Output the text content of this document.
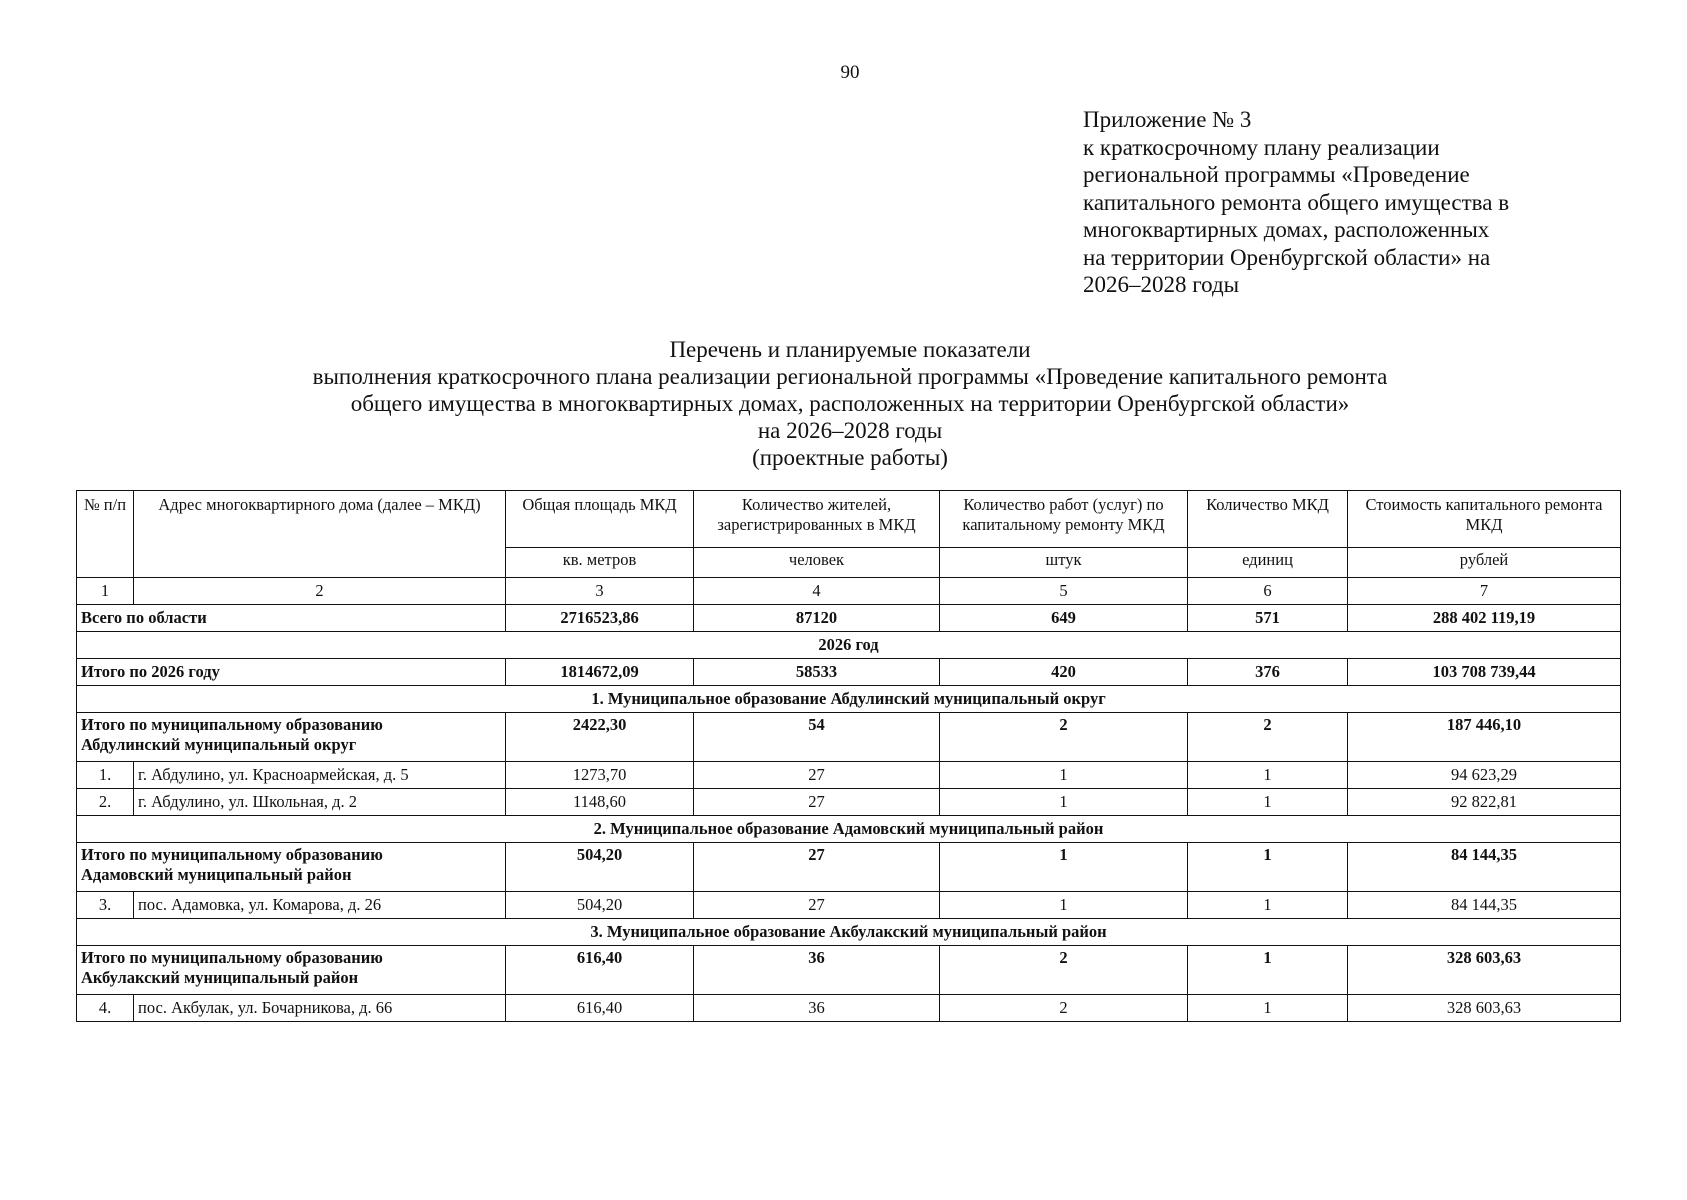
90
Приложение № 3
к краткосрочному плану реализации
региональной программы «Проведение
капитального ремонта общего имущества в
многоквартирных домах, расположенных
на территории Оренбургской области» на
2026–2028 годы
Перечень и планируемые показатели
выполнения краткосрочного плана реализации региональной программы «Проведение капитального ремонта
общего имущества в многоквартирных домах, расположенных на территории Оренбургской области»
на 2026–2028 годы
(проектные работы)
№ п/п	Адрес многоквартирного дома (далее – МКД)	Общая площадь МКД	Количество жителей, зарегистрированных в МКД	Количество работ (услуг) по капитальному ремонту МКД	Количество МКД	Стоимость капитального ремонта МКД
		кв. метров	человек	штук	единиц	рублей
1	2	3	4	5	6	7
Всего по области		2716523,86	87120	649	571	288 402 119,19
2026 год						
Итого по 2026 году		1814672,09	58533	420	376	103 708 739,44
1. Муниципальное образование Абдулинский муниципальный округ						

Итого по муниципальному образованию
Абдулинский муниципальный округ		2422,30	54	2	2	187 446,10
1.	г. Абдулино, ул. Красноармейская, д. 5	1273,70	27	1	1	94 623,29
2.	г. Абдулино, ул. Школьная, д. 2	1148,60	27	1	1	92 822,81
2. Муниципальное образование Адамовский муниципальный район						

Итого по муниципальному образованию
Адамовский муниципальный район		504,20	27	1	1	84 144,35
3.	пос. Адамовка, ул. Комарова, д. 26	504,20	27	1	1	84 144,35
3. Муниципальное образование Акбулакский муниципальный район						

Итого по муниципальному образованию
Акбулакский муниципальный район		616,40	36	2	1	328 603,63
4.	пос. Акбулак, ул. Бочарникова, д. 66	616,40	36	2	1	328 603,63
